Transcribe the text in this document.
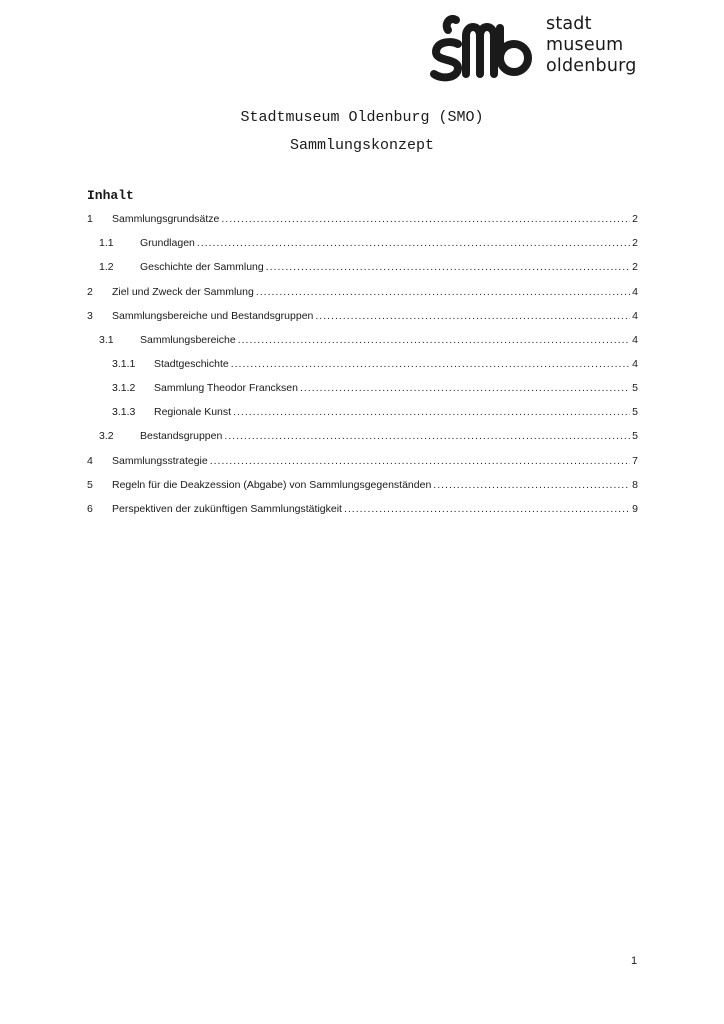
stadt
museum
oldenburg
Stadtmuseum Oldenburg (SMO)
Sammlungskonzept
Inhalt
1	Sammlungsgrundsätze .....	2
1.1	Grundlagen .....	2
1.2	Geschichte der Sammlung .....	2
2	Ziel und Zweck der Sammlung .....	4
3	Sammlungsbereiche und Bestandsgruppen .....	4
3.1	Sammlungsbereiche .....	4
3.1.1	Stadtgeschichte .....	4
3.1.2	Sammlung Theodor Francksen .....	5
3.1.3	Regionale Kunst .....	5
3.2	Bestandsgruppen .....	5
4	Sammlungsstrategie .....	7
5	Regeln für die Deakzession (Abgabe) von Sammlungsgegenständen .....	8
6	Perspektiven der zukünftigen Sammlungstätigkeit .....	9
1
